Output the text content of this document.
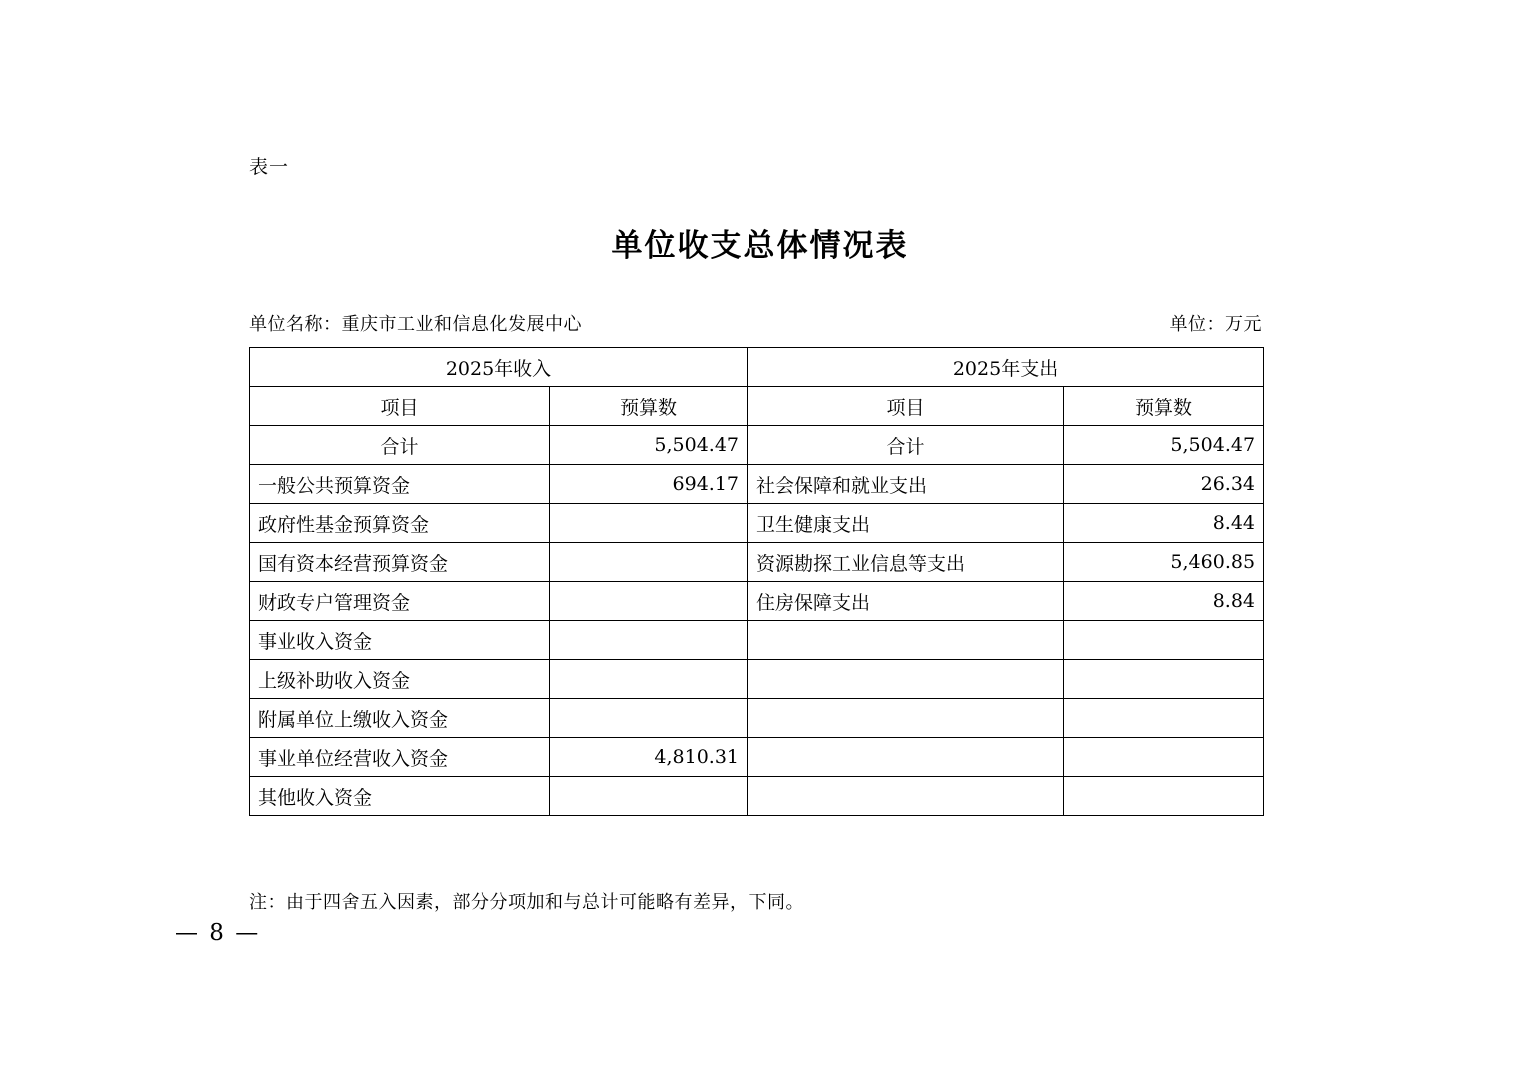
表一
单位收支总体情况表
单位名称：重庆市工业和信息化发展中心	单位：万元
2025年收入		2025年支出	
项目	预算数	项目	预算数
合计	5,504.47	合计	5,504.47
一般公共预算资金	694.17	社会保障和就业支出	26.34
政府性基金预算资金		卫生健康支出	8.44
国有资本经营预算资金		资源勘探工业信息等支出	5,460.85
财政专户管理资金		住房保障支出	8.84
事业收入资金			
上级补助收入资金			
附属单位上缴收入资金			
事业单位经营收入资金	4,810.31		
其他收入资金			
注：由于四舍五入因素，部分分项加和与总计可能略有差异，下同。
— 8 —
